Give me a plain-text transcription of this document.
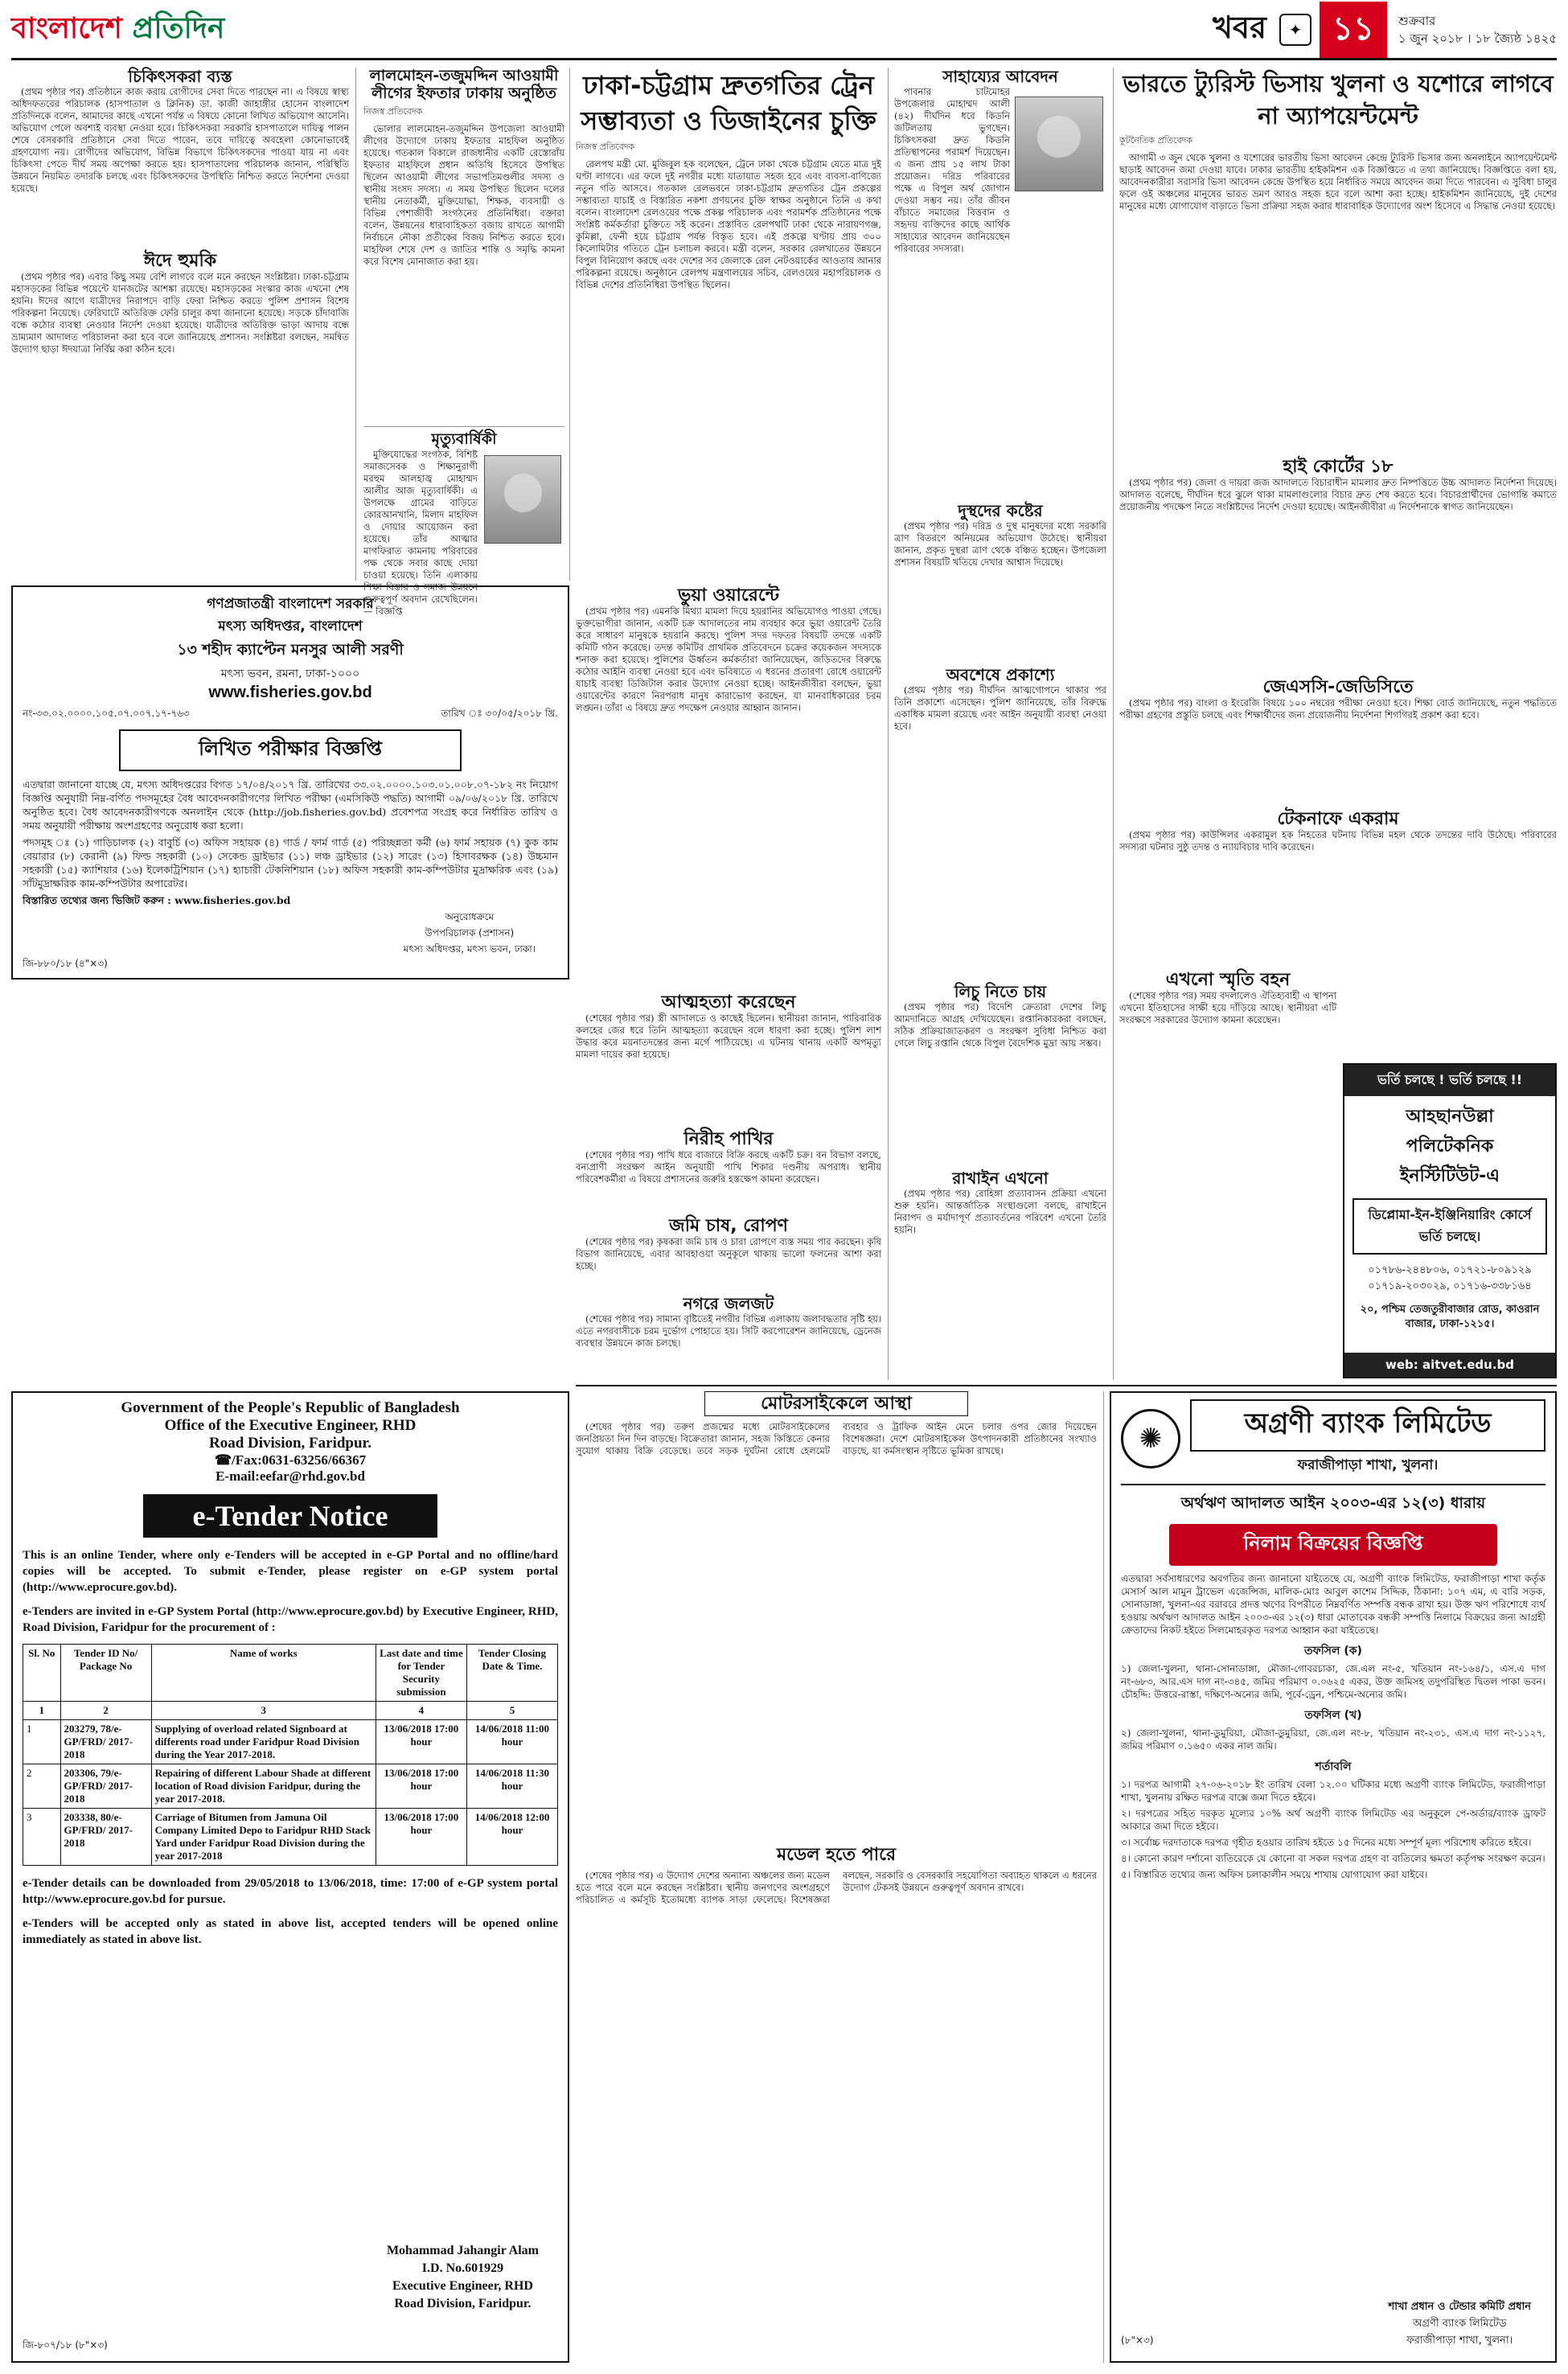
বাংলাদেশ প্রতিদিন	খবর	✦ ১১	শুক্রবার
১ জুন ২০১৮ । ১৮ জ্যৈষ্ঠ ১৪২৫
চিকিৎসকরা ব্যস্ত

(প্রথম পৃষ্ঠার পর) প্রতিষ্ঠানে কাজ করায় রোগীদের সেবা দিতে পারছেন না। এ বিষয়ে স্বাস্থ্য অধিদফতরের পরিচালক (হাসপাতাল ও ক্লিনিক) ডা. কাজী জাহাঙ্গীর হোসেন বাংলাদেশ প্রতিদিনকে বলেন, আমাদের কাছে এখনো পর্যন্ত এ বিষয়ে কোনো লিখিত অভিযোগ আসেনি। অভিযোগ পেলে অবশ্যই ব্যবস্থা নেওয়া হবে। চিকিৎসকরা সরকারি হাসপাতালে দায়িত্ব পালন শেষে বেসরকারি প্রতিষ্ঠানে সেবা দিতে পারেন, তবে দায়িত্বে অবহেলা কোনোভাবেই গ্রহণযোগ্য নয়। রোগীদের অভিযোগ, বিভিন্ন বিভাগে চিকিৎসকদের পাওয়া যায় না এবং চিকিৎসা পেতে দীর্ঘ সময় অপেক্ষা করতে হয়। হাসপাতালের পরিচালক জানান, পরিস্থিতি উন্নয়নে নিয়মিত তদারকি চলছে এবং চিকিৎসকদের উপস্থিতি নিশ্চিত করতে নির্দেশনা দেওয়া হয়েছে।

ঈদে হুমকি

(প্রথম পৃষ্ঠার পর) এবার কিছু সময় বেশি লাগবে বলে মনে করছেন সংশ্লিষ্টরা। ঢাকা-চট্টগ্রাম মহাসড়কের বিভিন্ন পয়েন্টে যানজটের আশঙ্কা রয়েছে। মহাসড়কের সংস্কার কাজ এখনো শেষ হয়নি। ঈদের আগে যাত্রীদের নিরাপদে বাড়ি ফেরা নিশ্চিত করতে পুলিশ প্রশাসন বিশেষ পরিকল্পনা নিয়েছে। ফেরিঘাটে অতিরিক্ত ফেরি চালুর কথা জানানো হয়েছে। সড়কে চাঁদাবাজি বন্ধে কঠোর ব্যবস্থা নেওয়ার নির্দেশ দেওয়া হয়েছে। যাত্রীদের অতিরিক্ত ভাড়া আদায় বন্ধে ভ্রাম্যমাণ আদালত পরিচালনা করা হবে বলে জানিয়েছে প্রশাসন। সংশ্লিষ্টরা বলছেন, সমন্বিত উদ্যোগ ছাড়া ঈদযাত্রা নির্বিঘ্ন করা কঠিন হবে।

লালমোহন-তজুমদ্দিন আওয়ামী লীগের ইফতার ঢাকায় অনুষ্ঠিত
নিজস্ব প্রতিবেদক

ভোলার লালমোহন-তজুমদ্দিন উপজেলা আওয়ামী লীগের উদ্যোগে ঢাকায় ইফতার মাহফিল অনুষ্ঠিত হয়েছে। গতকাল বিকালে রাজধানীর একটি রেস্তোরাঁয় ইফতার মাহফিলে প্রধান অতিথি হিসেবে উপস্থিত ছিলেন আওয়ামী লীগের সভাপতিমণ্ডলীর সদস্য ও স্থানীয় সংসদ সদস্য। এ সময় উপস্থিত ছিলেন দলের স্থানীয় নেতাকর্মী, মুক্তিযোদ্ধা, শিক্ষক, ব্যবসায়ী ও বিভিন্ন পেশাজীবী সংগঠনের প্রতিনিধিরা। বক্তারা বলেন, উন্নয়নের ধারাবাহিকতা বজায় রাখতে আগামী নির্বাচনে নৌকা প্রতীকের বিজয় নিশ্চিত করতে হবে। মাহফিল শেষে দেশ ও জাতির শান্তি ও সমৃদ্ধি কামনা করে বিশেষ মোনাজাত করা হয়।

মৃত্যুবার্ষিকী

মুক্তিযোদ্ধের সংগঠক, বিশিষ্ট সমাজসেবক ও শিক্ষানুরাগী মরহুম আলহাজ্ব মোহাম্মদ আলীর আজ মৃত্যুবার্ষিকী। এ উপলক্ষে গ্রামের বাড়িতে কোরআনখানি, মিলাদ মাহফিল ও দোয়ার আয়োজন করা হয়েছে। তাঁর আত্মার মাগফিরাত কামনায় পরিবারের পক্ষ থেকে সবার কাছে দোয়া চাওয়া হয়েছে। তিনি এলাকায় শিক্ষা বিস্তার ও সমাজ উন্নয়নে গুরুত্বপূর্ণ অবদান রেখেছিলেন। — বিজ্ঞপ্তি

ঢাকা-চট্টগ্রাম দ্রুতগতির ট্রেন সম্ভাব্যতা ও ডিজাইনের চুক্তি
নিজস্ব প্রতিবেদক

রেলপথ মন্ত্রী মো. মুজিবুল হক বলেছেন, ট্রেনে ঢাকা থেকে চট্টগ্রাম যেতে মাত্র দুই ঘণ্টা লাগবে। এর ফলে দুই নগরীর মধ্যে যাতায়াত সহজ হবে এবং ব্যবসা-বাণিজ্যে নতুন গতি আসবে। গতকাল রেলভবনে ঢাকা-চট্টগ্রাম দ্রুতগতির ট্রেন প্রকল্পের সম্ভাব্যতা যাচাই ও বিস্তারিত নকশা প্রণয়নের চুক্তি স্বাক্ষর অনুষ্ঠানে তিনি এ কথা বলেন। বাংলাদেশ রেলওয়ের পক্ষে প্রকল্প পরিচালক এবং পরামর্শক প্রতিষ্ঠানের পক্ষে সংশ্লিষ্ট কর্মকর্তারা চুক্তিতে সই করেন। প্রস্তাবিত রেলপথটি ঢাকা থেকে নারায়ণগঞ্জ, কুমিল্লা, ফেনী হয়ে চট্টগ্রাম পর্যন্ত বিস্তৃত হবে। এই প্রকল্পে ঘণ্টায় প্রায় ৩০০ কিলোমিটার গতিতে ট্রেন চলাচল করবে। মন্ত্রী বলেন, সরকার রেলখাতের উন্নয়নে বিপুল বিনিয়োগ করছে এবং দেশের সব জেলাকে রেল নেটওয়ার্কের আওতায় আনার পরিকল্পনা রয়েছে। অনুষ্ঠানে রেলপথ মন্ত্রণালয়ের সচিব, রেলওয়ের মহাপরিচালক ও বিভিন্ন দেশের প্রতিনিধিরা উপস্থিত ছিলেন।

ভুয়া ওয়ারেন্টে

(প্রথম পৃষ্ঠার পর) এমনকি মিথ্যা মামলা দিয়ে হয়রানির অভিযোগও পাওয়া গেছে। ভুক্তভোগীরা জানান, একটি চক্র আদালতের নাম ব্যবহার করে ভুয়া ওয়ারেন্ট তৈরি করে সাধারণ মানুষকে হয়রানি করছে। পুলিশ সদর দফতর বিষয়টি তদন্তে একটি কমিটি গঠন করেছে। তদন্ত কমিটির প্রাথমিক প্রতিবেদনে চক্রের কয়েকজন সদস্যকে শনাক্ত করা হয়েছে। পুলিশের ঊর্ধ্বতন কর্মকর্তারা জানিয়েছেন, জড়িতদের বিরুদ্ধে কঠোর আইনি ব্যবস্থা নেওয়া হবে এবং ভবিষ্যতে এ ধরনের প্রতারণা রোধে ওয়ারেন্ট যাচাই ব্যবস্থা ডিজিটাল করার উদ্যোগ নেওয়া হচ্ছে। আইনজীবীরা বলছেন, ভুয়া ওয়ারেন্টের কারণে নিরপরাধ মানুষ কারাভোগ করছেন, যা মানবাধিকারের চরম লঙ্ঘন। তাঁরা এ বিষয়ে দ্রুত পদক্ষেপ নেওয়ার আহ্বান জানান।

আত্মহত্যা করেছেন

(শেষের পৃষ্ঠার পর) স্ত্রী আদালতে ও কাছেই ছিলেন। স্থানীয়রা জানান, পারিবারিক কলহের জের ধরে তিনি আত্মহত্যা করেছেন বলে ধারণা করা হচ্ছে। পুলিশ লাশ উদ্ধার করে ময়নাতদন্তের জন্য মর্গে পাঠিয়েছে। এ ঘটনায় থানায় একটি অপমৃত্যু মামলা দায়ের করা হয়েছে।

নিরীহ পাখির

(শেষের পৃষ্ঠার পর) পাখি ধরে বাজারে বিক্রি করছে একটি চক্র। বন বিভাগ বলছে, বন্যপ্রাণী সংরক্ষণ আইন অনুযায়ী পাখি শিকার দণ্ডনীয় অপরাধ। স্থানীয় পরিবেশকর্মীরা এ বিষয়ে প্রশাসনের জরুরি হস্তক্ষেপ কামনা করেছেন।

জমি চাষ, রোপণ

(শেষের পৃষ্ঠার পর) কৃষকরা জমি চাষ ও চারা রোপণে ব্যস্ত সময় পার করছেন। কৃষি বিভাগ জানিয়েছে, এবার আবহাওয়া অনুকূলে থাকায় ভালো ফলনের আশা করা হচ্ছে।

নগরে জলজট

(শেষের পৃষ্ঠার পর) সামান্য বৃষ্টিতেই নগরীর বিভিন্ন এলাকায় জলাবদ্ধতার সৃষ্টি হয়। এতে নগরবাসীকে চরম দুর্ভোগ পোহাতে হয়। সিটি করপোরেশন জানিয়েছে, ড্রেনেজ ব্যবস্থার উন্নয়নে কাজ চলছে।

সাহায্যের আবেদন

পাবনার চাটমোহর উপজেলার মোহাম্মদ আলী (৪২) দীর্ঘদিন ধরে কিডনি জটিলতায় ভুগছেন। চিকিৎসকরা দ্রুত কিডনি প্রতিস্থাপনের পরামর্শ দিয়েছেন। এ জন্য প্রায় ১৫ লাখ টাকা প্রয়োজন। দরিদ্র পরিবারের পক্ষে এ বিপুল অর্থ জোগান দেওয়া সম্ভব নয়। তাঁর জীবন বাঁচাতে সমাজের বিত্তবান ও সহৃদয় ব্যক্তিদের কাছে আর্থিক সাহায্যের আবেদন জানিয়েছেন পরিবারের সদস্যরা।

দুস্থদের কষ্টের

(প্রথম পৃষ্ঠার পর) দরিদ্র ও দুস্থ মানুষদের মধ্যে সরকারি ত্রাণ বিতরণে অনিয়মের অভিযোগ উঠেছে। স্থানীয়রা জানান, প্রকৃত দুস্থরা ত্রাণ থেকে বঞ্চিত হচ্ছেন। উপজেলা প্রশাসন বিষয়টি খতিয়ে দেখার আশ্বাস দিয়েছে।

অবশেষে প্রকাশ্যে

(প্রথম পৃষ্ঠার পর) দীর্ঘদিন আত্মগোপনে থাকার পর তিনি প্রকাশ্যে এসেছেন। পুলিশ জানিয়েছে, তাঁর বিরুদ্ধে একাধিক মামলা রয়েছে এবং আইন অনুযায়ী ব্যবস্থা নেওয়া হবে।

লিচু নিতে চায়

(প্রথম পৃষ্ঠার পর) বিদেশি ক্রেতারা দেশের লিচু আমদানিতে আগ্রহ দেখিয়েছেন। রপ্তানিকারকরা বলছেন, সঠিক প্রক্রিয়াজাতকরণ ও সংরক্ষণ সুবিধা নিশ্চিত করা গেলে লিচু রপ্তানি থেকে বিপুল বৈদেশিক মুদ্রা আয় সম্ভব।

রাখাইন এখনো

(প্রথম পৃষ্ঠার পর) রোহিঙ্গা প্রত্যাবাসন প্রক্রিয়া এখনো শুরু হয়নি। আন্তর্জাতিক সংস্থাগুলো বলছে, রাখাইনে নিরাপদ ও মর্যাদাপূর্ণ প্রত্যাবর্তনের পরিবেশ এখনো তৈরি হয়নি।

ভারতে ট্যুরিস্ট ভিসায় খুলনা ও যশোরে লাগবে না অ্যাপয়েন্টমেন্ট
কূটনৈতিক প্রতিবেদক

আগামী ৩ জুন থেকে খুলনা ও যশোরের ভারতীয় ভিসা আবেদন কেন্দ্রে ট্যুরিস্ট ভিসার জন্য অনলাইনে অ্যাপয়েন্টমেন্ট ছাড়াই আবেদন জমা দেওয়া যাবে। ঢাকার ভারতীয় হাইকমিশন এক বিজ্ঞপ্তিতে এ তথ্য জানিয়েছে। বিজ্ঞপ্তিতে বলা হয়, আবেদনকারীরা সরাসরি ভিসা আবেদন কেন্দ্রে উপস্থিত হয়ে নির্ধারিত সময়ে আবেদন জমা দিতে পারবেন। এ সুবিধা চালুর ফলে ওই অঞ্চলের মানুষের ভারত ভ্রমণ আরও সহজ হবে বলে আশা করা হচ্ছে। হাইকমিশন জানিয়েছে, দুই দেশের মানুষের মধ্যে যোগাযোগ বাড়াতে ভিসা প্রক্রিয়া সহজ করার ধারাবাহিক উদ্যোগের অংশ হিসেবে এ সিদ্ধান্ত নেওয়া হয়েছে।

হাই কোর্টের ১৮

(প্রথম পৃষ্ঠার পর) জেলা ও দায়রা জজ আদালতে বিচারাধীন মামলার দ্রুত নিষ্পত্তিতে উচ্চ আদালত নির্দেশনা দিয়েছে। আদালত বলেছে, দীর্ঘদিন ধরে ঝুলে থাকা মামলাগুলোর বিচার দ্রুত শেষ করতে হবে। বিচারপ্রার্থীদের ভোগান্তি কমাতে প্রয়োজনীয় পদক্ষেপ নিতে সংশ্লিষ্টদের নির্দেশ দেওয়া হয়েছে। আইনজীবীরা এ নির্দেশনাকে স্বাগত জানিয়েছেন।

জেএসসি-জেডিসিতে

(প্রথম পৃষ্ঠার পর) বাংলা ও ইংরেজি বিষয়ে ১০০ নম্বরের পরীক্ষা নেওয়া হবে। শিক্ষা বোর্ড জানিয়েছে, নতুন পদ্ধতিতে পরীক্ষা গ্রহণের প্রস্তুতি চলছে এবং শিক্ষার্থীদের জন্য প্রয়োজনীয় নির্দেশনা শিগগিরই প্রকাশ করা হবে।

টেকনাফে একরাম

(প্রথম পৃষ্ঠার পর) কাউন্সিলর একরামুল হক নিহতের ঘটনায় বিভিন্ন মহল থেকে তদন্তের দাবি উঠেছে। পরিবারের সদস্যরা ঘটনার সুষ্ঠু তদন্ত ও ন্যায়বিচার দাবি করেছেন।

এখনো স্মৃতি বহন

(শেষের পৃষ্ঠার পর) সময় বদলালেও ঐতিহ্যবাহী এ স্থাপনা এখনো ইতিহাসের সাক্ষী হয়ে দাঁড়িয়ে আছে। স্থানীয়রা এটি সংরক্ষণে সরকারের উদ্যোগ কামনা করেছেন।

ভর্তি চলছে ! ভর্তি চলছে !!
আহছানউল্লা
পলিটেকনিক
ইনস্টিটিউট-এ
ডিপ্লোমা-ইন-ইঞ্জিনিয়ারিং কোর্সে ভর্তি চলছে।
০১৭৮৬-২৪৪৮০৬, ০১৭২১-৮০৯১২৯ ০১৭১৯-২০৩০২৯, ০১৭১৬-৩৩৮১৬৪
২০, পশ্চিম তেজতুরীবাজার রোড, কাওরান বাজার, ঢাকা-১২১৫।
web: aitvet.edu.bd
গণপ্রজাতন্ত্রী বাংলাদেশ সরকার
মৎস্য অধিদপ্তর, বাংলাদেশ
১৩ শহীদ ক্যাপ্টেন মনসুর আলী সরণী
মৎস্য ভবন, রমনা, ঢাকা-১০০০
www.fisheries.gov.bd
নং-৩৩.০২.০০০০.১০৫.০৭.০০৭.১৭-৭৬৩	তারিখ ঃ ৩০/০৫/২০১৮ খ্রি.
লিখিত পরীক্ষার বিজ্ঞপ্তি
এতদ্বারা জানানো যাচ্ছে যে, মৎস্য অধিদপ্তরের বিগত ১৭/০৪/২০১৭ খ্রি. তারিখের ৩৩.০২.০০০০.১০৩.০১.০০৮.০৭-১৮২ নং নিয়োগ বিজ্ঞপ্তি অনুযায়ী নিম্ন-বর্ণিত পদসমূহের বৈধ আবেদনকারীগণের লিখিত পরীক্ষা (এমসিকিউ পদ্ধতি) আগামী ০৯/০৬/২০১৮ খ্রি. তারিখে অনুষ্ঠিত হবে। বৈধ আবেদনকারীগণকে অনলাইন থেকে (http://job.fisheries.gov.bd) প্রবেশপত্র সংগ্রহ করে নির্ধারিত তারিখ ও সময় অনুযায়ী পরীক্ষায় অংশগ্রহণের অনুরোধ করা হলো।
পদসমূহ ঃ (১) গাড়িচালক (২) বাবুর্চি (৩) অফিস সহায়ক (৪) গার্ড / ফার্ম গার্ড (৫) পরিচ্ছন্নতা কর্মী (৬) ফার্ম সহায়ক (৭) কুক কাম বেয়ারার (৮) কেরানী (৯) ফিল্ড সহকারী (১০) সেকেন্ড ড্রাইভার (১১) লঞ্চ ড্রাইভার (১২) সারেং (১৩) হিসাবরক্ষক (১৪) উচ্চমান সহকারী (১৫) ক্যাশিয়ার (১৬) ইলেকট্রিশিয়ান (১৭) হ্যাচারী টেকনিশিয়ান (১৮) অফিস সহকারী কাম-কম্পিউটার মুদ্রাক্ষরিক এবং (১৯) সাঁটমুদ্রাক্ষরিক কাম-কম্পিউটার অপারেটর।
বিস্তারিত তথ্যের জন্য ভিজিট করুন : www.fisheries.gov.bd
অনুরোধক্রমে
উপপরিচালক (প্রশাসন)
মৎস্য অধিদপ্তর, মৎস্য ভবন, ঢাকা।
জি-৮৮০/১৮ (৪"×৩)
Government of the People's Republic of Bangladesh
Office of the Executive Engineer, RHD
Road Division, Faridpur.
☎/Fax:0631-63256/66367
E-mail:eefar@rhd.gov.bd
e-Tender Notice

This is an online Tender, where only e-Tenders will be accepted in e-GP Portal and no offline/hard copies will be accepted. To submit e-Tender, please register on e-GP system portal (http://www.eprocure.gov.bd).

e-Tenders are invited in e-GP System Portal (http://www.eprocure.gov.bd) by Executive Engineer, RHD, Road Division, Faridpur for the procurement of :

Sl. No	Tender ID No/ Package No	Name of works	Last date and time for Tender Security submission	Tender Closing Date & Time.
1	2	3	4	5
1	203279, 78/e-GP/FRD/ 2017-2018	Supplying of overload related Signboard at differents road under Faridpur Road Division during the Year 2017-2018.	13/06/2018 17:00 hour	14/06/2018 11:00 hour
2	203306, 79/e-GP/FRD/ 2017-2018	Repairing of different Labour Shade at different location of Road division Faridpur, during the year 2017-2018.	13/06/2018 17:00 hour	14/06/2018 11:30 hour
3	203338, 80/e-GP/FRD/ 2017-2018	Carriage of Bitumen from Jamuna Oil Company Limited Depo to Faridpur RHD Stack Yard under Faridpur Road Division during the year 2017-2018	13/06/2018 17:00 hour	14/06/2018 12:00 hour

e-Tender details can be downloaded from 29/05/2018 to 13/06/2018, time: 17:00 of e-GP system portal http://www.eprocure.gov.bd for pursue.

e-Tenders will be accepted only as stated in above list, accepted tenders will be opened online immediately as stated in above list.

Mohammad Jahangir Alam
I.D. No.601929
Executive Engineer, RHD
Road Division, Faridpur.
জি-৮০৭/১৮ (৮"×৩)
মোটরসাইকেলে আস্থা

(শেষের পৃষ্ঠার পর) তরুণ প্রজন্মের মধ্যে মোটরসাইকেলের জনপ্রিয়তা দিন দিন বাড়ছে। বিক্রেতারা জানান, সহজ কিস্তিতে কেনার সুযোগ থাকায় বিক্রি বেড়েছে। তবে সড়ক দুর্ঘটনা রোধে হেলমেট ব্যবহার ও ট্রাফিক আইন মেনে চলার ওপর জোর দিয়েছেন বিশেষজ্ঞরা। দেশে মোটরসাইকেল উৎপাদনকারী প্রতিষ্ঠানের সংখ্যাও বাড়ছে, যা কর্মসংস্থান সৃষ্টিতে ভূমিকা রাখছে।

মডেল হতে পারে

(শেষের পৃষ্ঠার পর) এ উদ্যোগ দেশের অন্যান্য অঞ্চলের জন্য মডেল হতে পারে বলে মনে করছেন সংশ্লিষ্টরা। স্থানীয় জনগণের অংশগ্রহণে পরিচালিত এ কর্মসূচি ইতোমধ্যে ব্যাপক সাড়া ফেলেছে। বিশেষজ্ঞরা বলছেন, সরকারি ও বেসরকারি সহযোগিতা অব্যাহত থাকলে এ ধরনের উদ্যোগ টেকসই উন্নয়নে গুরুত্বপূর্ণ অবদান রাখবে।

✺	অগ্রণী ব্যাংক লিমিটেড
ফরাজীপাড়া শাখা, খুলনা।
অর্থঋণ আদালত আইন ২০০৩-এর ১২(৩) ধারায়
নিলাম বিক্রয়ের বিজ্ঞপ্তি
এতদ্বারা সর্বসাধারণের অবগতির জন্য জানানো যাইতেছে যে, অগ্রণী ব্যাংক লিমিটেড, ফরাজীপাড়া শাখা কর্তৃক মেসার্স আল মামুন ট্রাভেল এজেন্সিজ, মালিক-মোঃ আবুল কাশেম সিদ্দিক, ঠিকানা: ১০৭ এম, এ বারি সড়ক, সোনাডাঙ্গা, খুলনা-এর বরাবরে প্রদত্ত ঋণের বিপরীতে নিম্নবর্ণিত সম্পত্তি বন্ধক রাখা হয়। উক্ত ঋণ পরিশোধে ব্যর্থ হওয়ায় অর্থঋণ আদালত আইন ২০০৩-এর ১২(৩) ধারা মোতাবেক বন্ধকী সম্পত্তি নিলামে বিক্রয়ের জন্য আগ্রহী ক্রেতাদের নিকট হইতে সিলমোহরকৃত দরপত্র আহ্বান করা যাইতেছে।
তফসিল (ক)
১) জেলা-খুলনা, থানা-সোনাডাঙ্গা, মৌজা-গোবরচাকা, জে.এল নং-৫, খতিয়ান নং-১৬৪/১, এস.এ দাগ নং-৬৮৩, আর.এস দাগ নং-৩৪৫, জমির পরিমাণ ০.০৬২৫ একর, উক্ত জমিসহ তদুপরিস্থিত দ্বিতল পাকা ভবন। চৌহদ্দি: উত্তরে-রাস্তা, দক্ষিণে-অন্যের জমি, পূর্বে-ড্রেন, পশ্চিমে-অন্যের জমি।
তফসিল (খ)
২) জেলা-খুলনা, থানা-ডুমুরিয়া, মৌজা-ডুমুরিয়া, জে.এল নং-৮, খতিয়ান নং-২৩১, এস.এ দাগ নং-১১২৭, জমির পরিমাণ ০.১৬৫০ একর নাল জমি।
শর্তাবলি
১। দরপত্র আগামী ২৭-০৬-২০১৮ ইং তারিখ বেলা ১২.০০ ঘটিকার মধ্যে অগ্রণী ব্যাংক লিমিটেড, ফরাজীপাড়া শাখা, খুলনায় রক্ষিত দরপত্র বাক্সে জমা দিতে হইবে।
২। দরপত্রের সহিত দরকৃত মূল্যের ১০% অর্থ অগ্রণী ব্যাংক লিমিটেড এর অনুকূলে পে-অর্ডার/ব্যাংক ড্রাফট আকারে জমা দিতে হইবে।
৩। সর্বোচ্চ দরদাতাকে দরপত্র গৃহীত হওয়ার তারিখ হইতে ১৫ দিনের মধ্যে সম্পূর্ণ মূল্য পরিশোধ করিতে হইবে।
৪। কোনো কারণ দর্শানো ব্যতিরেকে যে কোনো বা সকল দরপত্র গ্রহণ বা বাতিলের ক্ষমতা কর্তৃপক্ষ সংরক্ষণ করেন।
৫। বিস্তারিত তথ্যের জন্য অফিস চলাকালীন সময়ে শাখায় যোগাযোগ করা যাইবে।
শাখা প্রধান ও টেন্ডার কমিটি প্রধান
অগ্রণী ব্যাংক লিমিটেড
ফরাজীপাড়া শাখা, খুলনা।
(৮"×৩)
